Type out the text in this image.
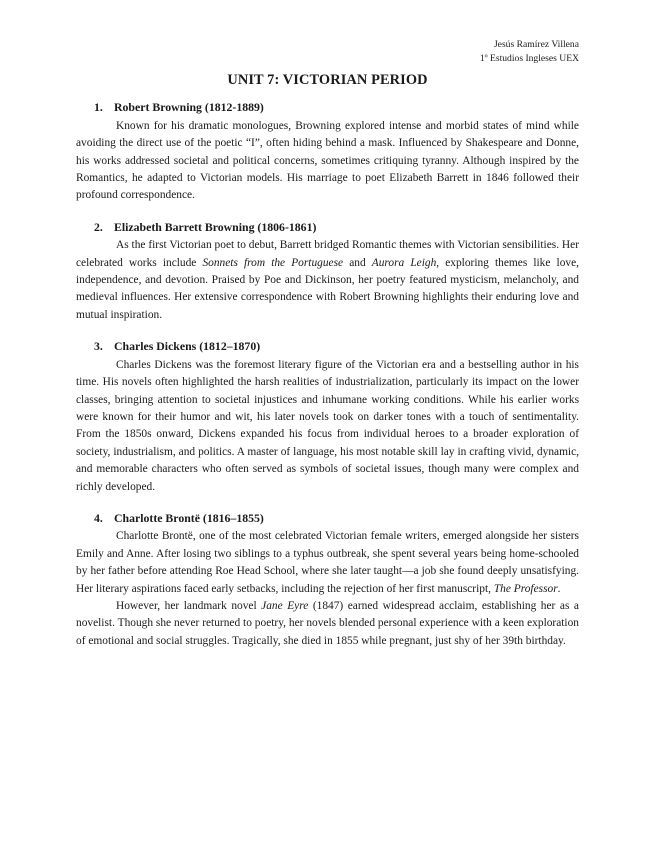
Jesús Ramírez Villena
1º Estudios Ingleses UEX
UNIT 7: VICTORIAN PERIOD
1. Robert Browning (1812-1889)

Known for his dramatic monologues, Browning explored intense and morbid states of mind while avoiding the direct use of the poetic “I”, often hiding behind a mask. Influenced by Shakespeare and Donne, his works addressed societal and political concerns, sometimes critiquing tyranny. Although inspired by the Romantics, he adapted to Victorian models. His marriage to poet Elizabeth Barrett in 1846 followed their profound correspondence.

2. Elizabeth Barrett Browning (1806-1861)

As the first Victorian poet to debut, Barrett bridged Romantic themes with Victorian sensibilities. Her celebrated works include Sonnets from the Portuguese and Aurora Leigh, exploring themes like love, independence, and devotion. Praised by Poe and Dickinson, her poetry featured mysticism, melancholy, and medieval influences. Her extensive correspondence with Robert Browning highlights their enduring love and mutual inspiration.

3. Charles Dickens (1812–1870)

Charles Dickens was the foremost literary figure of the Victorian era and a bestselling author in his time. His novels often highlighted the harsh realities of industrialization, particularly its impact on the lower classes, bringing attention to societal injustices and inhumane working conditions. While his earlier works were known for their humor and wit, his later novels took on darker tones with a touch of sentimentality. From the 1850s onward, Dickens expanded his focus from individual heroes to a broader exploration of society, industrialism, and politics. A master of language, his most notable skill lay in crafting vivid, dynamic, and memorable characters who often served as symbols of societal issues, though many were complex and richly developed.

4. Charlotte Brontë (1816–1855)

Charlotte Brontë, one of the most celebrated Victorian female writers, emerged alongside her sisters Emily and Anne. After losing two siblings to a typhus outbreak, she spent several years being home-schooled by her father before attending Roe Head School, where she later taught—a job she found deeply unsatisfying. Her literary aspirations faced early setbacks, including the rejection of her first manuscript, The Professor.

However, her landmark novel Jane Eyre (1847) earned widespread acclaim, establishing her as a novelist. Though she never returned to poetry, her novels blended personal experience with a keen exploration of emotional and social struggles. Tragically, she died in 1855 while pregnant, just shy of her 39th birthday.
